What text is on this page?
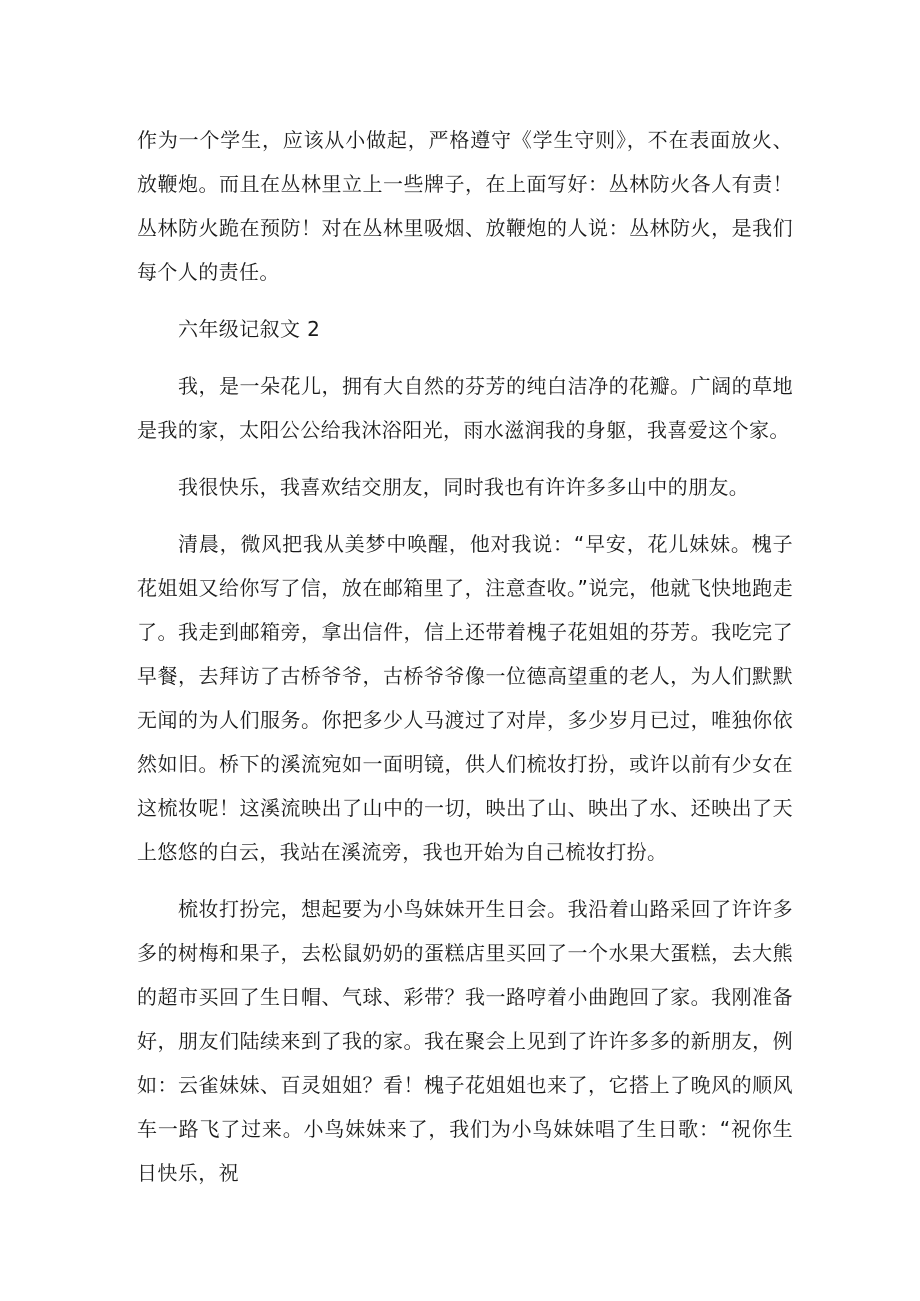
作为一个学生，应该从小做起，严格遵守《学生守则》，不在表面放火、放鞭炮。而且在丛林里立上一些牌子，在上面写好：丛林防火各人有责！丛林防火跪在预防！对在丛林里吸烟、放鞭炮的人说：丛林防火，是我们每个人的责任。

六年级记叙文 2

我，是一朵花儿，拥有大自然的芬芳的纯白洁净的花瓣。广阔的草地是我的家，太阳公公给我沐浴阳光，雨水滋润我的身躯，我喜爱这个家。

我很快乐，我喜欢结交朋友，同时我也有许许多多山中的朋友。

清晨，微风把我从美梦中唤醒，他对我说：“早安，花儿妹妹。槐子花姐姐又给你写了信，放在邮箱里了，注意查收。”说完，他就飞快地跑走了。我走到邮箱旁，拿出信件，信上还带着槐子花姐姐的芬芳。我吃完了早餐，去拜访了古桥爷爷，古桥爷爷像一位德高望重的老人，为人们默默无闻的为人们服务。你把多少人马渡过了对岸，多少岁月已过，唯独你依然如旧。桥下的溪流宛如一面明镜，供人们梳妆打扮，或许以前有少女在这梳妆呢！这溪流映出了山中的一切，映出了山、映出了水、还映出了天上悠悠的白云，我站在溪流旁，我也开始为自己梳妆打扮。

梳妆打扮完，想起要为小鸟妹妹开生日会。我沿着山路采回了许许多多的树梅和果子，去松鼠奶奶的蛋糕店里买回了一个水果大蛋糕，去大熊的超市买回了生日帽、气球、彩带？我一路哼着小曲跑回了家。我刚准备好，朋友们陆续来到了我的家。我在聚会上见到了许许多多的新朋友，例如：云雀妹妹、百灵姐姐？看！槐子花姐姐也来了，它搭上了晚风的顺风车一路飞了过来。小鸟妹妹来了，我们为小鸟妹妹唱了生日歌：“祝你生日快乐，祝
